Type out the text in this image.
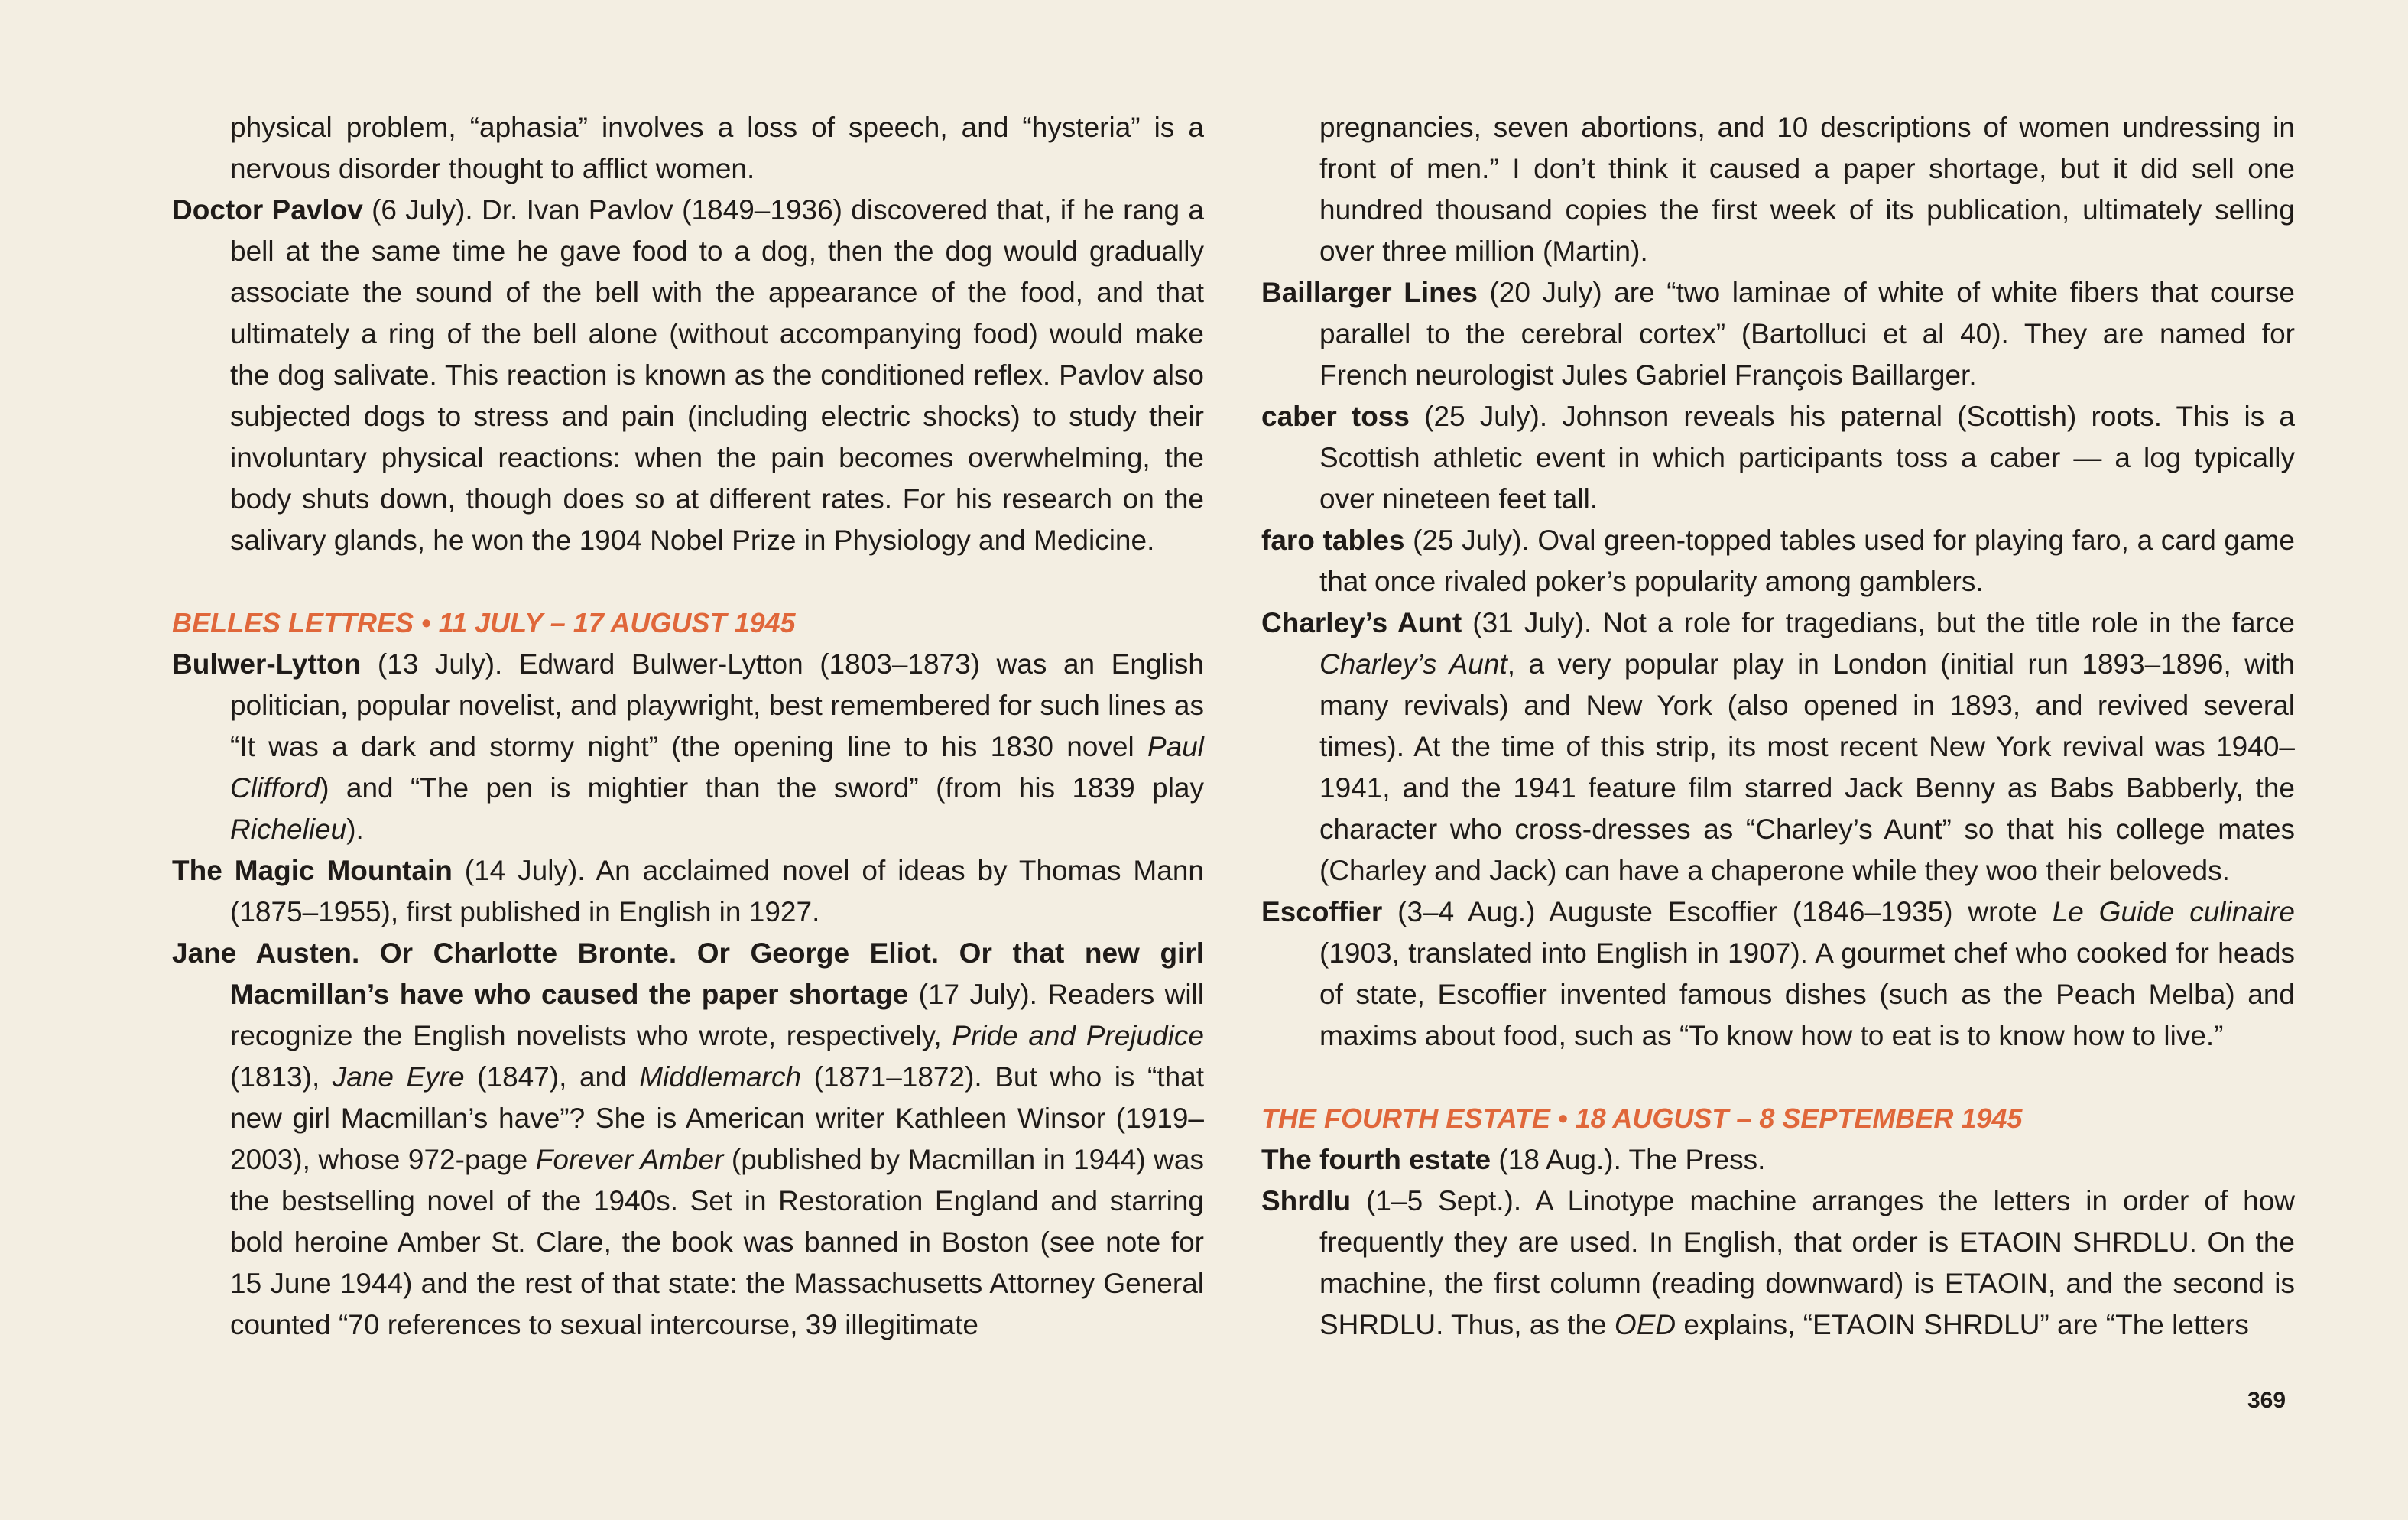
physical problem, “aphasia” involves a loss of speech, and “hysteria” is a nervous disorder thought to afflict women.

Doctor Pavlov (6 July). Dr. Ivan Pavlov (1849–1936) discovered that, if he rang a bell at the same time he gave food to a dog, then the dog would gradually associate the sound of the bell with the appearance of the food, and that ultimately a ring of the bell alone (without accompanying food) would make the dog salivate. This reaction is known as the conditioned reflex. Pavlov also subjected dogs to stress and pain (including electric shocks) to study their involuntary physical reactions: when the pain becomes overwhelming, the body shuts down, though does so at different rates. For his research on the salivary glands, he won the 1904 Nobel Prize in Physiology and Medicine.

BELLES LETTRES • 11 JULY – 17 AUGUST 1945

Bulwer-Lytton (13 July). Edward Bulwer-Lytton (1803–1873) was an English politician, popular novelist, and playwright, best remembered for such lines as “It was a dark and stormy night” (the opening line to his 1830 novel Paul Clifford) and “The pen is mightier than the sword” (from his 1839 play Richelieu).

The Magic Mountain (14 July). An acclaimed novel of ideas by Thomas Mann (1875–1955), first published in English in 1927.

Jane Austen. Or Charlotte Bronte. Or George Eliot. Or that new girl Macmillan’s have who caused the paper shortage (17 July). Readers will recognize the English novelists who wrote, respectively, Pride and Prejudice (1813), Jane Eyre (1847), and Middlemarch (1871–1872). But who is “that new girl Macmillan’s have”? She is American writer Kathleen Winsor (1919–2003), whose 972-page Forever Amber (published by Macmillan in 1944) was the bestselling novel of the 1940s. Set in Restoration England and starring bold heroine Amber St. Clare, the book was banned in Boston (see note for 15 June 1944) and the rest of that state: the Massachusetts Attorney General counted “70 references to sexual intercourse, 39 illegitimate

pregnancies, seven abortions, and 10 descriptions of women undressing in front of men.” I don’t think it caused a paper shortage, but it did sell one hundred thousand copies the first week of its publication, ultimately selling over three million (Martin).

Baillarger Lines (20 July) are “two laminae of white of white fibers that course parallel to the cerebral cortex” (Bartolluci et al 40). They are named for French neurologist Jules Gabriel François Baillarger.

caber toss (25 July). Johnson reveals his paternal (Scottish) roots. This is a Scottish athletic event in which participants toss a caber — a log typically over nineteen feet tall.

faro tables (25 July). Oval green-topped tables used for playing faro, a card game that once rivaled poker’s popularity among gamblers.

Charley’s Aunt (31 July). Not a role for tragedians, but the title role in the farce Charley’s Aunt, a very popular play in London (initial run 1893–1896, with many revivals) and New York (also opened in 1893, and revived several times). At the time of this strip, its most recent New York revival was 1940–1941, and the 1941 feature film starred Jack Benny as Babs Babberly, the character who cross-dresses as “Charley’s Aunt” so that his college mates (Charley and Jack) can have a chaperone while they woo their beloveds.

Escoffier (3–4 Aug.) Auguste Escoffier (1846–1935) wrote Le Guide culinaire (1903, translated into English in 1907). A gourmet chef who cooked for heads of state, Escoffier invented famous dishes (such as the Peach Melba) and maxims about food, such as “To know how to eat is to know how to live.”

THE FOURTH ESTATE • 18 AUGUST – 8 SEPTEMBER 1945

The fourth estate (18 Aug.). The Press.

Shrdlu (1–5 Sept.). A Linotype machine arranges the letters in order of how frequently they are used. In English, that order is ETAOIN SHRDLU. On the machine, the first column (reading downward) is ETAOIN, and the second is SHRDLU. Thus, as the OED explains, “ETAOIN SHRDLU” are “The letters

369
